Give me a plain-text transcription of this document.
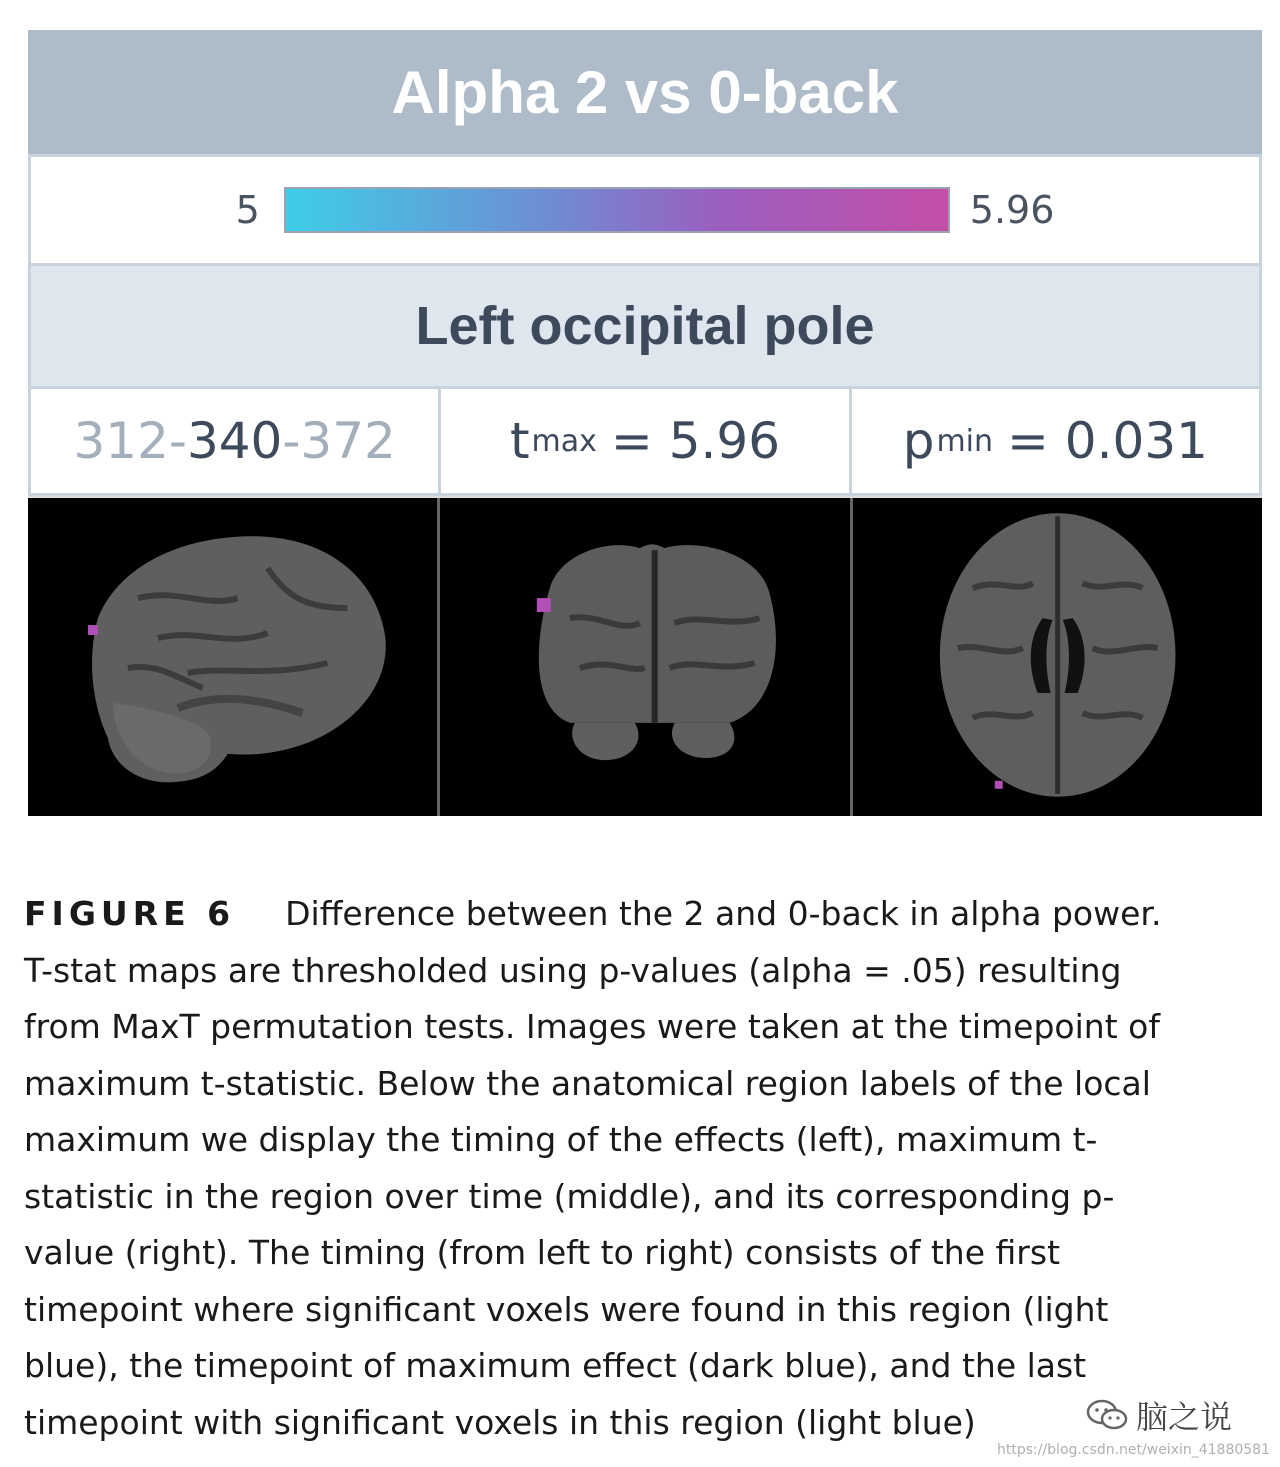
Alpha 2 vs 0-back
5	5.96
Left occipital pole
312 - 340 - 372 t max = 5.96 p min = 0.031

FIGURE 6 Difference between the 2 and 0-back in alpha power.

T-stat maps are thresholded using p-values (alpha = .05) resulting

from MaxT permutation tests. Images were taken at the timepoint of

maximum t-statistic. Below the anatomical region labels of the local

maximum we display the timing of the effects (left), maximum t-

statistic in the region over time (middle), and its corresponding p-

value (right). The timing (from left to right) consists of the first

timepoint where significant voxels were found in this region (light

blue), the timepoint of maximum effect (dark blue), and the last

timepoint with significant voxels in this region (light blue)	脑之说
https://blog.csdn.net/weixin_41880581
